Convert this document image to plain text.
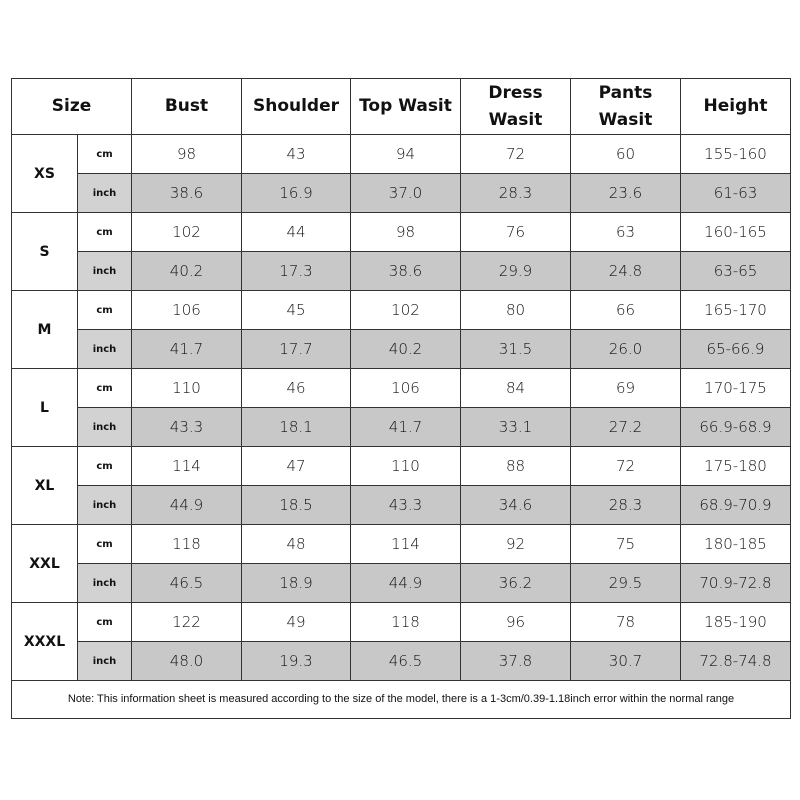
Size		Bust	Shoulder	Top Wasit	Dress Wasit	Pants Wasit	Height
XS	cm	98	43	94	72	60	155-160
	inch	38.6	16.9	37.0	28.3	23.6	61-63
S	cm	102	44	98	76	63	160-165
	inch	40.2	17.3	38.6	29.9	24.8	63-65
M	cm	106	45	102	80	66	165-170
	inch	41.7	17.7	40.2	31.5	26.0	65-66.9
L	cm	110	46	106	84	69	170-175
	inch	43.3	18.1	41.7	33.1	27.2	66.9-68.9
XL	cm	114	47	110	88	72	175-180
	inch	44.9	18.5	43.3	34.6	28.3	68.9-70.9
XXL	cm	118	48	114	92	75	180-185
	inch	46.5	18.9	44.9	36.2	29.5	70.9-72.8
XXXL	cm	122	49	118	96	78	185-190
	inch	48.0	19.3	46.5	37.8	30.7	72.8-74.8
Note: This information sheet is measured according to the size of the model, there is a 1-3cm/0.39-1.18inch error within the normal range							
